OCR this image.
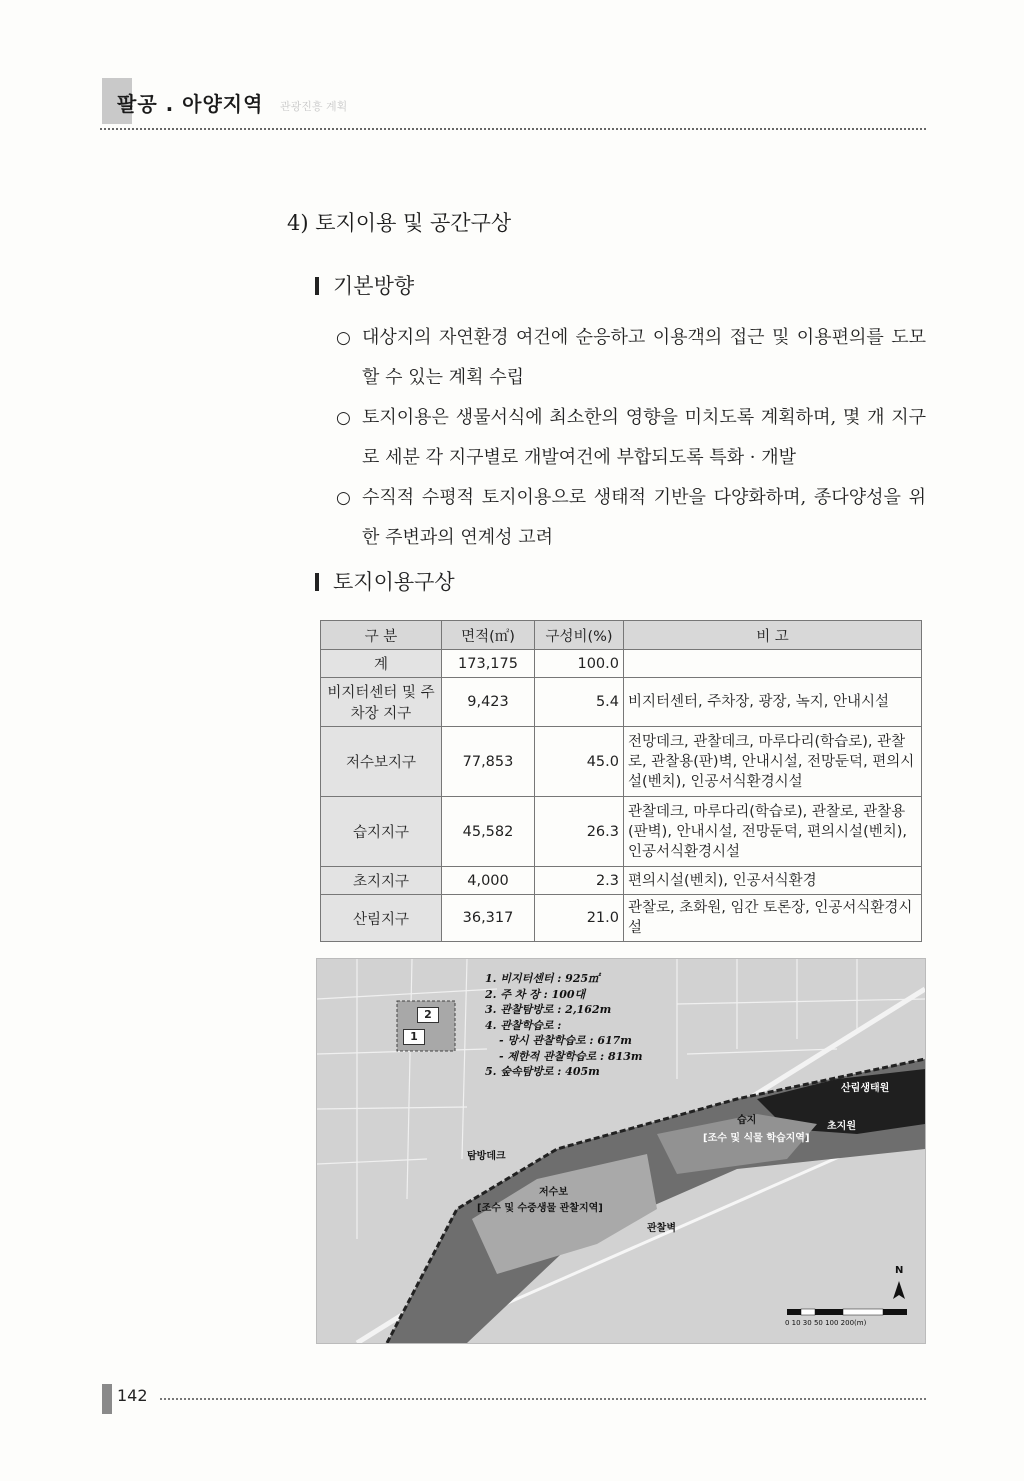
팔공 . 아양지역 관광진흥 계획
4) 토지이용 및 공간구상
기본방향
○ 대상지의 자연환경 여건에 순응하고 이용객의 접근 및 이용편의를 도모할 수 있는 계획 수립
○ 토지이용은 생물서식에 최소한의 영향을 미치도록 계획하며, 몇 개 지구로 세분 각 지구별로 개발여건에 부합되도록 특화 · 개발
○ 수직적 수평적 토지이용으로 생태적 기반을 다양화하며, 종다양성을 위한 주변과의 연계성 고려
토지이용구상
구 분	면적(㎡)	구성비(%)	비 고
계	173,175	100.0	
비지터센터 및 주차장 지구	9,423	5.4	비지터센터, 주차장, 광장, 녹지, 안내시설
저수보지구	77,853	45.0	전망데크, 관찰데크, 마루다리(학습로), 관찰로, 관찰용(판)벽, 안내시설, 전망둔덕, 편의시설(벤치), 인공서식환경시설
습지지구	45,582	26.3	관찰데크, 마루다리(학습로), 관찰로, 관찰용(판벽), 안내시설, 전망둔덕, 편의시설(벤치), 인공서식환경시설
초지지구	4,000	2.3	편의시설(벤치), 인공서식환경
산림지구	36,317	21.0	관찰로, 초화원, 임간 토론장, 인공서식환경시설
1. 비지터센터 : 925㎡
2. 주 차 장 : 100대
3. 관찰탐방로 : 2,162m
4. 관찰학습로 :
- 망시 관찰학습로 : 617m
- 제한적 관찰학습로 : 813m
5. 숲속탐방로 : 405m
2
1
산림생태원
습지
[조수 및 식물 학습지역]
초지원
탐방데크
저수보
[조수 및 수중생물 관찰지역]
관찰벽
N
0 10 30 50 100 200(m)
142
